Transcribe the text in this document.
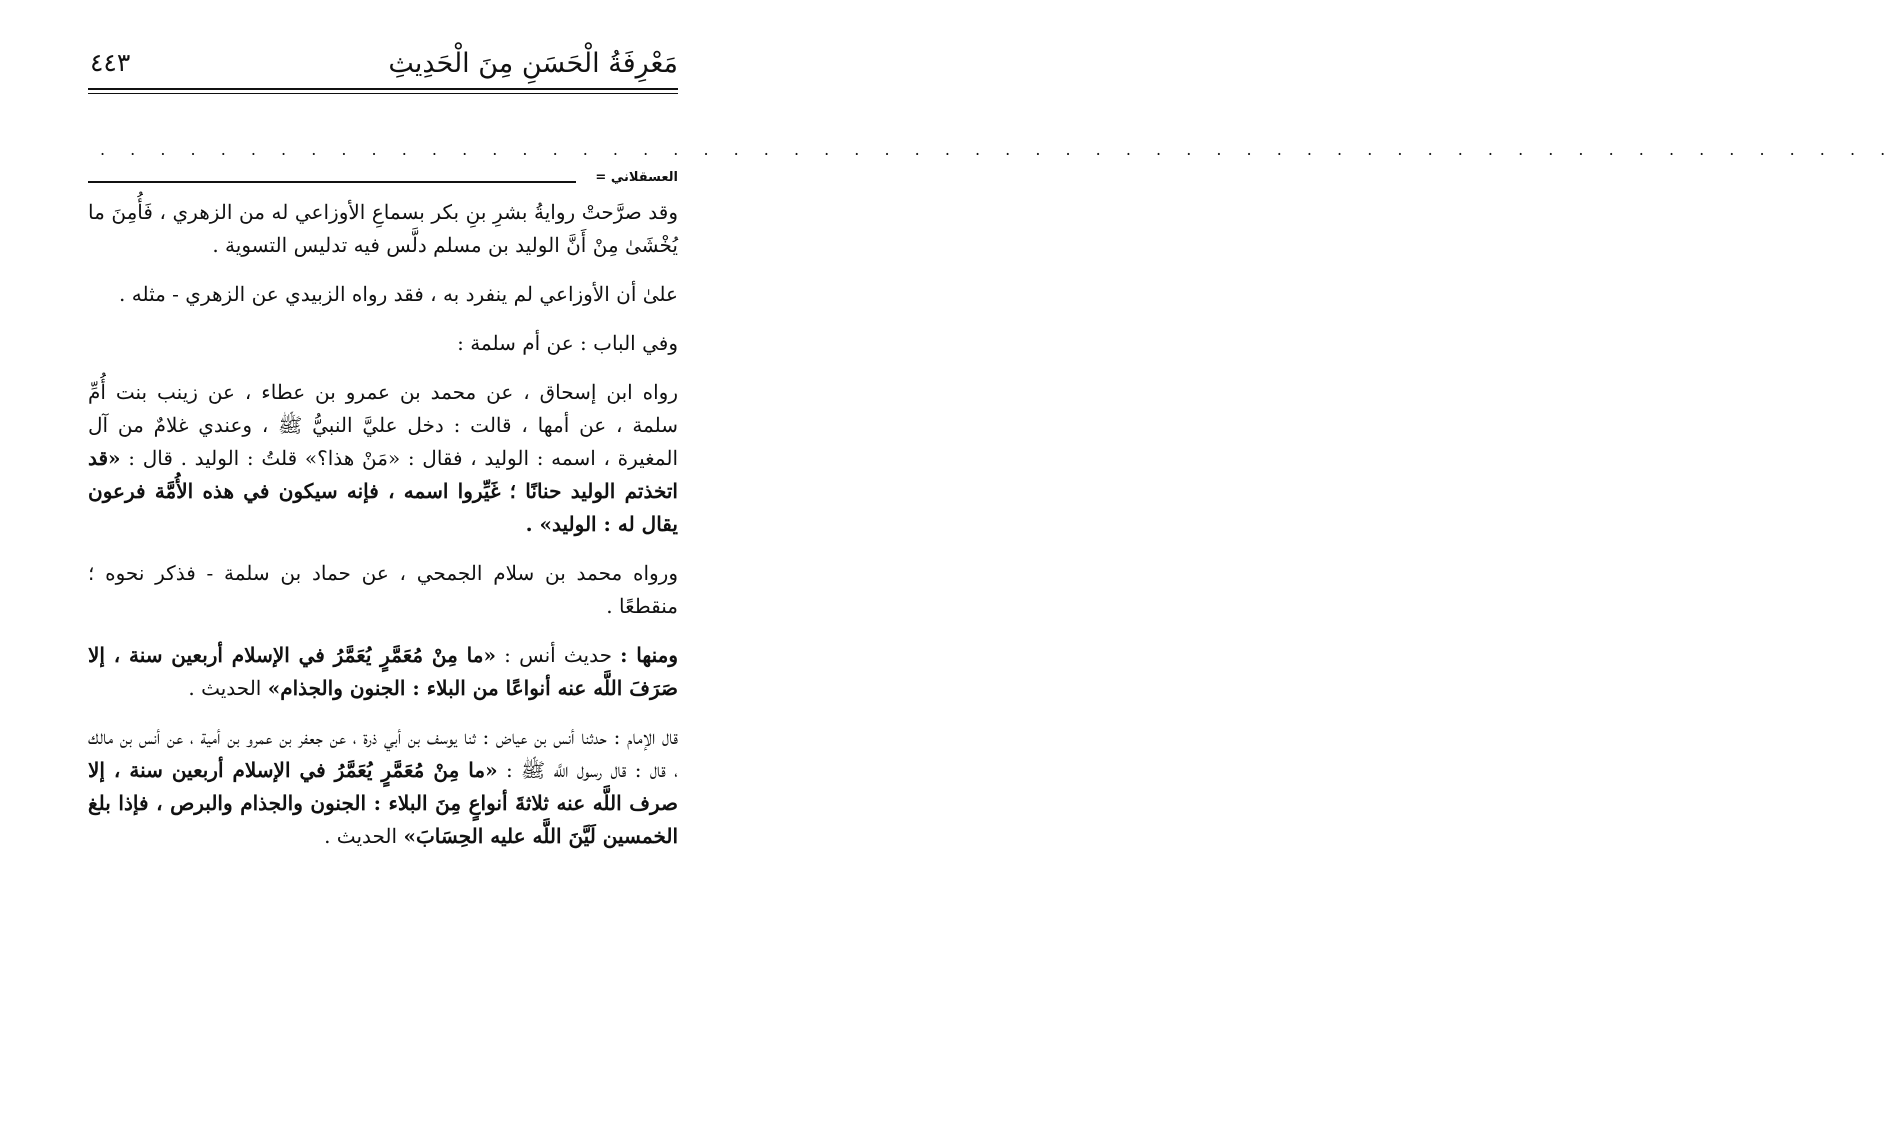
مَعْرِفَةُ الْحَسَنِ مِنَ الْحَدِيثِ
٤٤٣
. . . . . . . . . . . . . . . . . . . . . . . . . . . . . . . . . . . . . . . . . . . . . . . . . . . . . . . . . . . .
العسقلاني =

وقد صرَّحتْ روايةُ بشرِ بنِ بكر بسماعِ الأوزاعي له من الزهري ، فَأُمِنَ ما يُخْشَىٰ مِنْ أَنَّ الوليد بن مسلم دلَّس فيه تدليس التسوية .

علىٰ أن الأوزاعي لم ينفرد به ، فقد رواه الزبيدي عن الزهري - مثله .

وفي الباب : عن أم سلمة :

رواه ابن إسحاق ، عن محمد بن عمرو بن عطاء ، عن زينب بنت أُمِّ سلمة ، عن أمها ، قالت : دخل عليَّ النبيُّ ﷺ ، وعندي غلامٌ من آل المغيرة ، اسمه : الوليد ، فقال : «مَنْ هذا؟» قلتُ : الوليد . قال : «قد اتخذتم الوليد حنانًا ؛ غَيِّروا اسمه ، فإنه سيكون في هذه الأُمَّة فرعون يقال له : الوليد» .

ورواه محمد بن سلام الجمحي ، عن حماد بن سلمة - فذكر نحوه ؛ منقطعًا .

ومنها : حديث أنس : «ما مِنْ مُعَمَّرٍ يُعَمَّرُ في الإسلام أربعين سنة ، إلا صَرَفَ اللَّه عنه أنواعًا من البلاء : الجنون والجذام» الحديث .

قال الإمام : حدثنا أنس بن عياض : ثنا يوسف بن أبي ذرة ، عن جعفر بن عمرو بن أمية ، عن أنس بن مالك ، قال : قال رسول اللَّه ﷺ : «ما مِنْ مُعَمَّرٍ يُعَمَّرُ في الإسلام أربعين سنة ، إلا صرف اللَّه عنه ثلاثةَ أنواعٍ مِنَ البلاء : الجنون والجذام والبرص ، فإذا بلغ الخمسين لَيَّنَ اللَّه عليه الحِسَابَ» الحديث .
